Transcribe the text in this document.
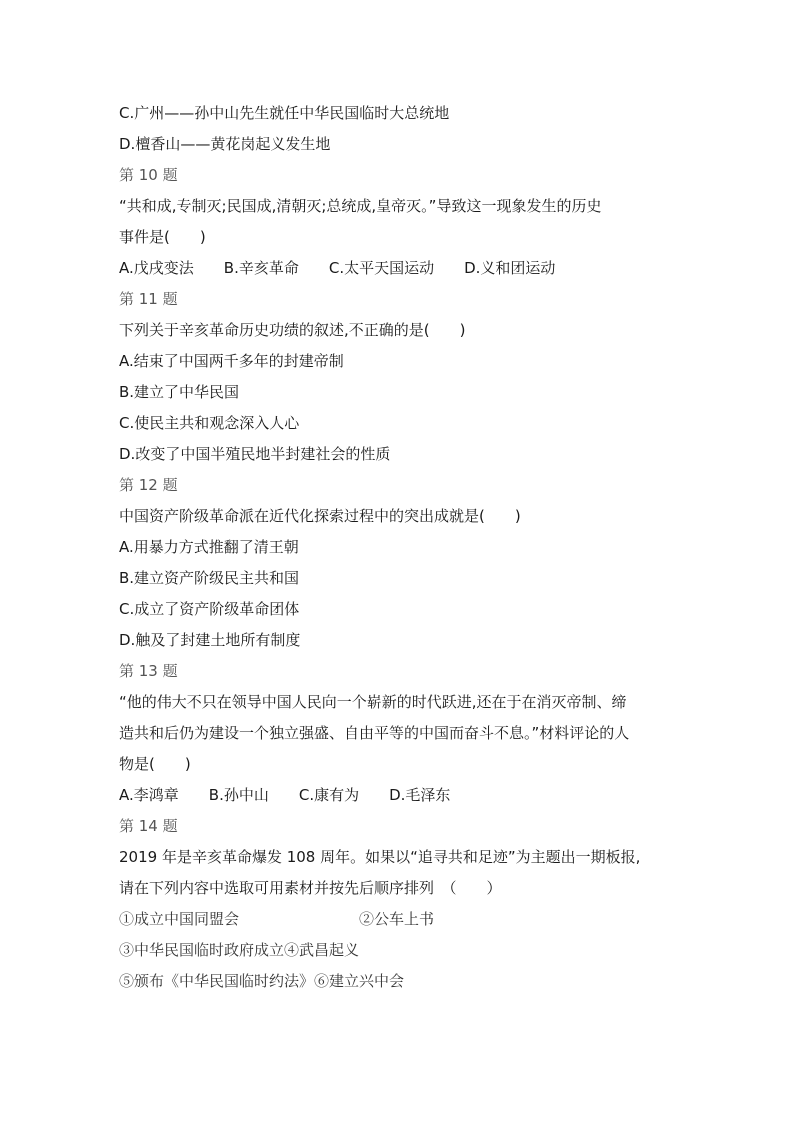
C.广州——孙中山先生就任中华民国临时大总统地
D.檀香山——黄花岗起义发生地
第 10 题
“共和成,专制灭;民国成,清朝灭;总统成,皇帝灭。”导致这一现象发生的历史
事件是(　　)
A.戊戌变法 B.辛亥革命 C.太平天国运动 D.义和团运动
第 11 题
下列关于辛亥革命历史功绩的叙述,不正确的是(　　)
A.结束了中国两千多年的封建帝制
B.建立了中华民国
C.使民主共和观念深入人心
D.改变了中国半殖民地半封建社会的性质
第 12 题
中国资产阶级革命派在近代化探索过程中的突出成就是(　　)
A.用暴力方式推翻了清王朝
B.建立资产阶级民主共和国
C.成立了资产阶级革命团体
D.触及了封建土地所有制度
第 13 题
“他的伟大不只在领导中国人民向一个崭新的时代跃进,还在于在消灭帝制、缔
造共和后仍为建设一个独立强盛、自由平等的中国而奋斗不息。”材料评论的人
物是(　　)
A.李鸿章 B.孙中山 C.康有为 D.毛泽东
第 14 题
2019 年是辛亥革命爆发 108 周年。如果以“追寻共和足迹”为主题出一期板报,
请在下列内容中选取可用素材并按先后顺序排列　（　　）
①成立中国同盟会	②公车上书
③中华民国临时政府成立④武昌起义
⑤颁布《中华民国临时约法》⑥建立兴中会
